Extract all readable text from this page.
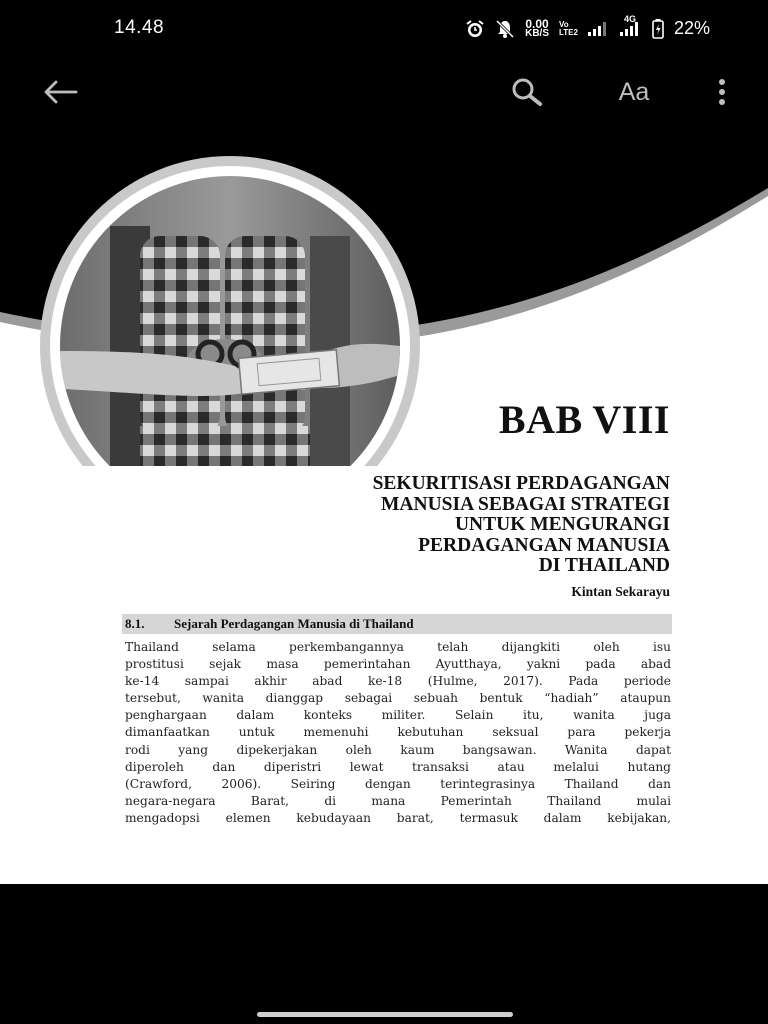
14.48	0.00
KB/S
Vo
LTE2
4G 22%
Aa
BAB VIII
SEKURITISASI PERDAGANGAN
MANUSIA SEBAGAI STRATEGI
UNTUK MENGURANGI
PERDAGANGAN MANUSIA
DI THAILAND
Kintan Sekarayu
8.1. Sejarah Perdagangan Manusia di Thailand
Thailand selama perkembangannya telah dijangkiti oleh isu
prostitusi sejak masa pemerintahan Ayutthaya, yakni pada abad
ke-14 sampai akhir abad ke-18 (Hulme, 2017). Pada periode
tersebut, wanita dianggap sebagai sebuah bentuk “hadiah” ataupun
penghargaan dalam konteks militer. Selain itu, wanita juga
dimanfaatkan untuk memenuhi kebutuhan seksual para pekerja
rodi yang dipekerjakan oleh kaum bangsawan. Wanita dapat
diperoleh dan diperistri lewat transaksi atau melalui hutang
(Crawford, 2006). Seiring dengan terintegrasinya Thailand dan
negara-negara Barat, di mana Pemerintah Thailand mulai
mengadopsi elemen kebudayaan barat, termasuk dalam kebijakan,
